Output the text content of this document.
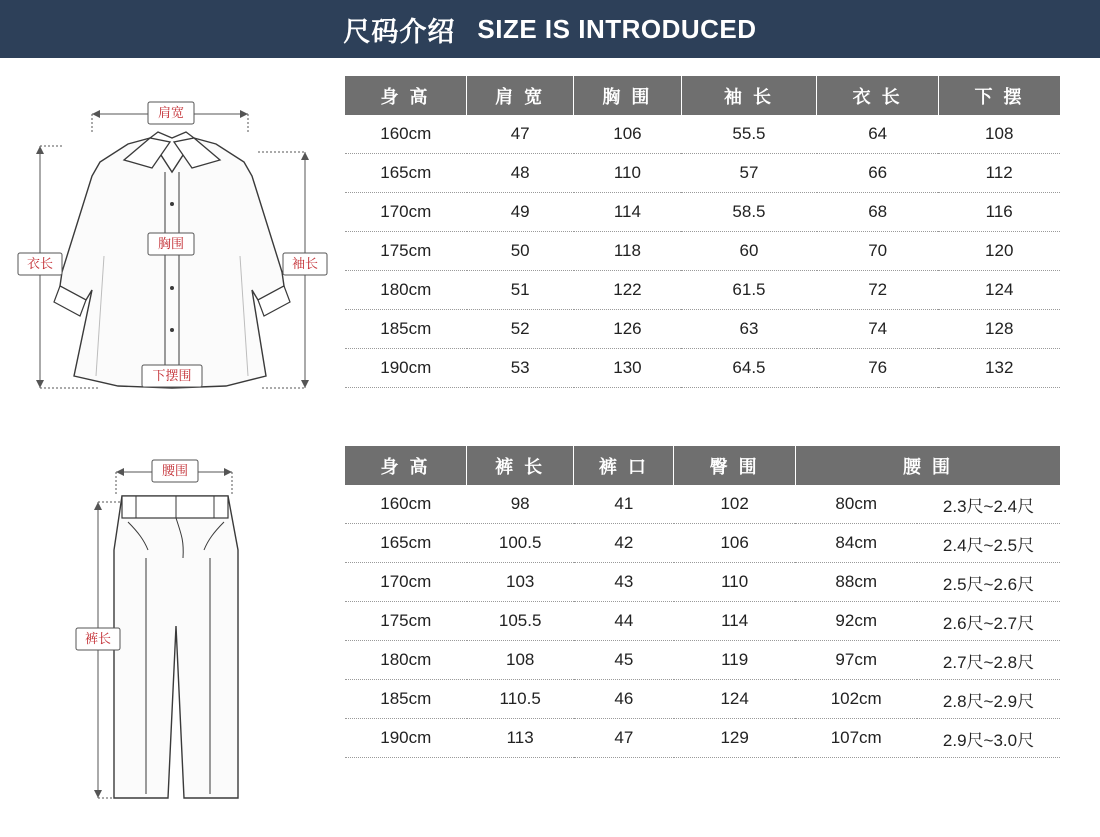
尺码介绍 SIZE IS INTRODUCED
肩宽
胸围
下摆围
衣长	袖长
身 高	肩 宽	胸 围	袖 长	衣 长	下 摆
160cm	47	106	55.5	64	108
165cm	48	110	57	66	112
170cm	49	114	58.5	68	116
175cm	50	118	60	70	120
180cm	51	122	61.5	72	124
185cm	52	126	63	74	128
190cm	53	130	64.5	76	132
腰围
裤长
身 高	裤 长	裤 口	臀 围	腰 围	
160cm	98	41	102	80cm	2.3尺~2.4尺
165cm	100.5	42	106	84cm	2.4尺~2.5尺
170cm	103	43	110	88cm	2.5尺~2.6尺
175cm	105.5	44	114	92cm	2.6尺~2.7尺
180cm	108	45	119	97cm	2.7尺~2.8尺
185cm	110.5	46	124	102cm	2.8尺~2.9尺
190cm	113	47	129	107cm	2.9尺~3.0尺
